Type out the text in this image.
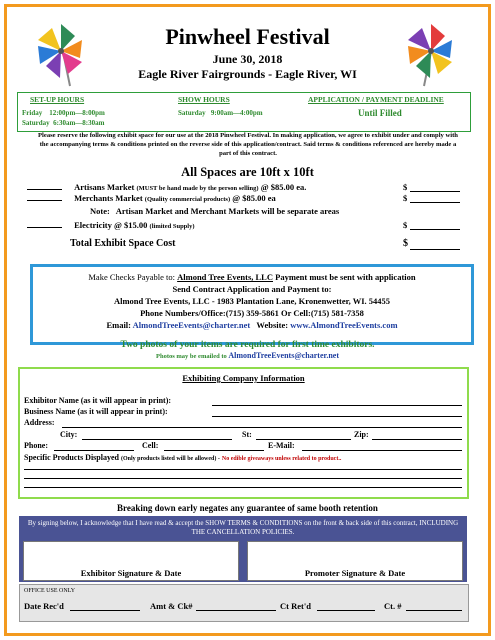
Pinwheel Festival
June 30, 2018
Eagle River Fairgrounds - Eagle River, WI
SET-UP HOURS
Friday    12:00pm—8:00pm
Saturday  6:30am—8:30am
SHOW HOURS
Saturday   9:00am—4:00pm
APPLICATION / PAYMENT DEADLINE
Until Filled
Please reserve the following exhibit space for our use at the 2018 Pinwheel Festival. In making application, we agree to exhibit under and comply with the accompanying terms & conditions printed on the reverse side of this application/contract. Said terms & conditions referenced are hereby made a part of this contract.
All Spaces are 10ft x 10ft
Artisans Market (MUST be hand made by the person selling) @ $85.00 ea.	$
Merchants Market (Quality commercial products) @ $85.00 ea	$
Note:   Artisan Market and Merchant Markets will be separate areas
Electricity @ $15.00 (limited Supply)	$
Total Exhibit Space Cost	$
Make Checks Payable to: Almond Tree Events, LLC Payment must be sent with application
Send Contract Application and Payment to:
Almond Tree Events, LLC - 1983 Plantation Lane, Kronenwetter, WI. 54455
Phone Numbers/Office:(715) 359-5861 Or Cell:(715) 581-7358
Email: AlmondTreeEvents@charter.net Website: www.AlmondTreeEvents.com
Two photos of your items are required for first time exhibitors.
Photos may be emailed to AlmondTreeEvents@charter.net
Exhibiting Company Information
Exhibitor Name (as it will appear in print):
Business Name (as it will appear in print):
Address:
City:	St:	Zip:
Phone:	Cell:	E-Mail:
Specific Products Displayed (Only products listed will be allowed) - No edible giveaways unless related to product..
Breaking down early negates any guarantee of same booth retention
By signing below, I acknowledge that I have read & accept the SHOW TERMS & CONDITIONS on the front & back side of this contract, INCLUDING THE CANCELLATION POLICIES.
Exhibitor Signature & Date	Promoter Signature & Date
OFFICE USE ONLY
Date Rec'd	Amt & Ck#	Ct Ret'd	Ct. #
